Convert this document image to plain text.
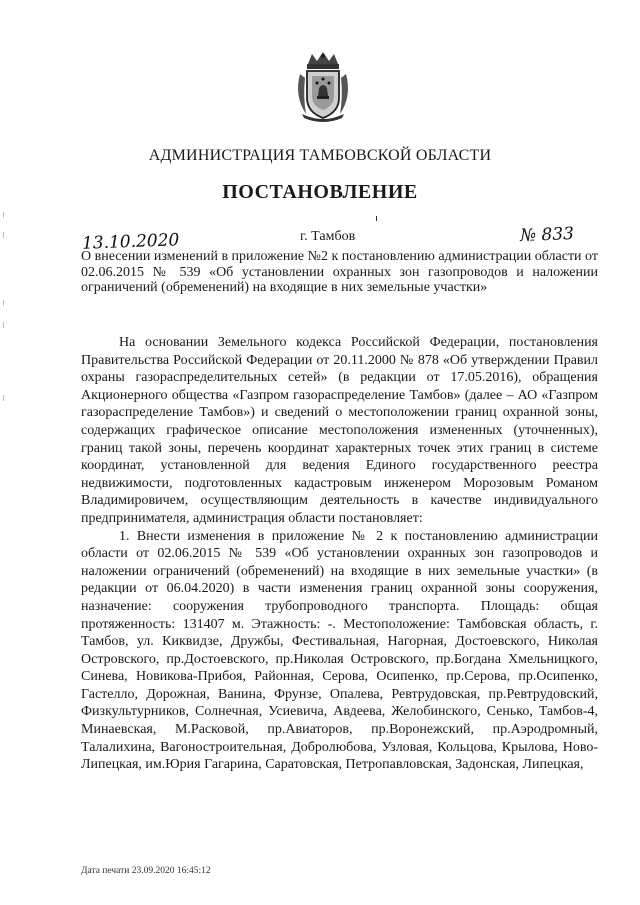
АДМИНИСТРАЦИЯ ТАМБОВСКОЙ ОБЛАСТИ
ПОСТАНОВЛЕНИЕ
13.10.2020	г. Тамбов	№ 833
О внесении изменений в приложение №2 к постановлению администрации области от 02.06.2015 № 539 «Об установлении охранных зон газопроводов и наложении ограничений (обременений) на входящие в них земельные участки»

На основании Земельного кодекса Российской Федерации, постановления Правительства Российской Федерации от 20.11.2000 № 878 «Об утверждении Правил охраны газораспределительных сетей» (в редакции от 17.05.2016), обращения Акционерного общества «Газпром газораспределение Тамбов» (далее – АО «Газпром газораспределение Тамбов») и сведений о местоположении границ охранной зоны, содержащих графическое описание местоположения измененных (уточненных), границ такой зоны, перечень координат характерных точек этих границ в системе координат, установленной для ведения Единого государственного реестра недвижимости, подготовленных кадастровым инженером Морозовым Романом Владимировичем, осуществляющим деятельность в качестве индивидуального предпринимателя, администрация области постановляет:

1. Внести изменения в приложение № 2 к постановлению администрации области от 02.06.2015 № 539 «Об установлении охранных зон газопроводов и наложении ограничений (обременений) на входящие в них земельные участки» (в редакции от 06.04.2020) в части изменения границ охранной зоны сооружения, назначение: сооружения трубопроводного транспорта. Площадь: общая протяженность: 131407 м. Этажность: -. Местоположение: Тамбовская область, г. Тамбов, ул. Киквидзе, Дружбы, Фестивальная, Нагорная, Достоевского, Николая Островского, пр.Достоевского, пр.Николая Островского, пр.Богдана Хмельницкого, Синева, Новикова-Прибоя, Районная, Серова, Осипенко, пр.Серова, пр.Осипенко, Гастелло, Дорожная, Ванина, Фрунзе, Опалева, Ревтрудовская, пр.Ревтрудовский, Физкультурников, Солнечная, Усиевича, Авдеева, Желобинского, Сенько, Тамбов-4, Минаевская, М.Расковой, пр.Авиаторов, пр.Воронежский, пр.Аэродромный, Талалихина, Вагоностроительная, Добролюбова, Узловая, Кольцова, Крылова, Ново-Липецкая, им.Юрия Гагарина, Саратовская, Петропавловская, Задонская, Липецкая,

Дата печати 23.09.2020 16:45:12
